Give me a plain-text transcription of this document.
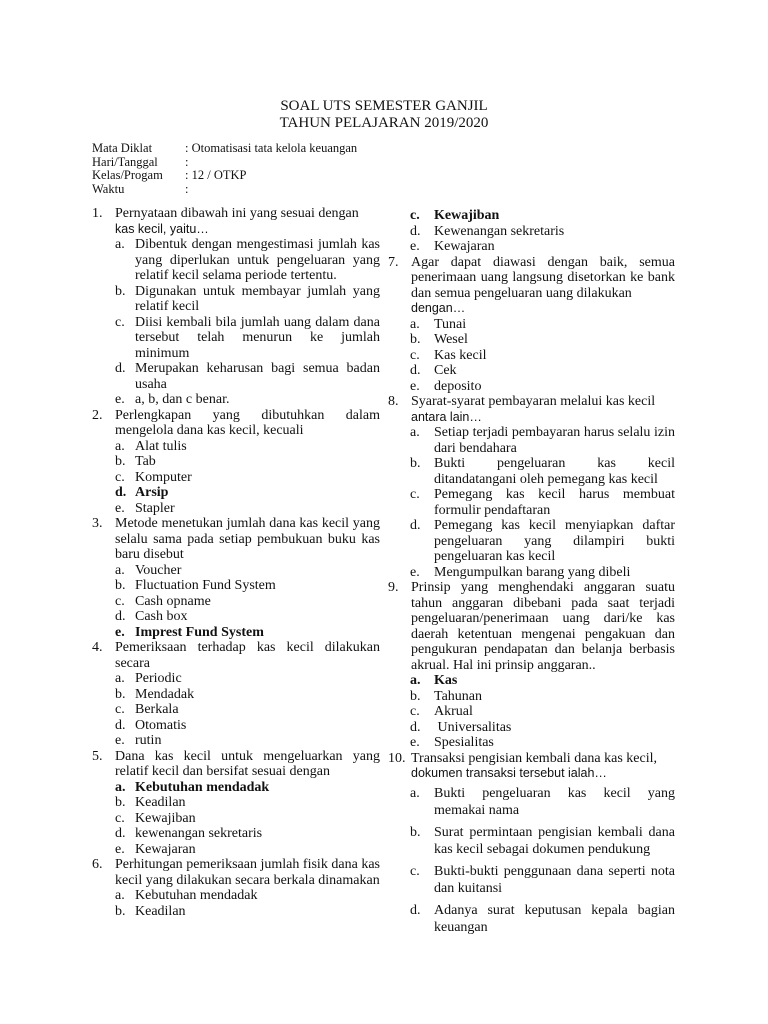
SOAL UTS SEMESTER GANJIL
TAHUN PELAJARAN 2019/2020
Mata Diklat	: Otomatisasi tata kelola keuangan
Hari/Tanggal	:
Kelas/Progam	: 12 / OTKP
Waktu	:
1. Pernyataan dibawah ini yang sesuai dengan
kas kecil, yaitu…
a. Dibentuk dengan mengestimasi jumlah kas yang diperlukan untuk pengeluaran yang relatif kecil selama periode tertentu.
b. Digunakan untuk membayar jumlah yang relatif kecil
c. Diisi kembali bila jumlah uang dalam dana tersebut telah menurun ke jumlah minimum
d. Merupakan keharusan bagi semua badan usaha
e. a, b, dan c benar.
2. Perlengkapan yang dibutuhkan dalam mengelola dana kas kecil, kecuali
a. Alat tulis
b. Tab
c. Komputer
d. Arsip
e. Stapler
3. Metode menetukan jumlah dana kas kecil yang selalu sama pada setiap pembukuan buku kas baru disebut
a. Voucher
b. Fluctuation Fund System
c. Cash opname
d. Cash box
e. Imprest Fund System
4. Pemeriksaan terhadap kas kecil dilakukan secara
a. Periodic
b. Mendadak
c. Berkala
d. Otomatis
e. rutin
5. Dana kas kecil untuk mengeluarkan yang relatif kecil dan bersifat sesuai dengan
a. Kebutuhan mendadak
b. Keadilan
c. Kewajiban
d. kewenangan sekretaris
e. Kewajaran
6. Perhitungan pemeriksaan jumlah fisik dana kas kecil yang dilakukan secara berkala dinamakan
a. Kebutuhan mendadak
b. Keadilan
c. Kewajiban
d. Kewenangan sekretaris
e. Kewajaran
7. Agar dapat diawasi dengan baik, semua penerimaan uang langsung disetorkan ke bank dan semua pengeluaran uang dilakukan
dengan…
a. Tunai
b. Wesel
c. Kas kecil
d. Cek
e. deposito
8. Syarat-syarat pembayaran melalui kas kecil
antara lain…
a. Setiap terjadi pembayaran harus selalu izin dari bendahara
b. Bukti pengeluaran kas kecil ditandatangani oleh pemegang kas kecil
c. Pemegang kas kecil harus membuat formulir pendaftaran
d. Pemegang kas kecil menyiapkan daftar pengeluaran yang dilampiri bukti pengeluaran kas kecil
e. Mengumpulkan barang yang dibeli
9. Prinsip yang menghendaki anggaran suatu tahun anggaran dibebani pada saat terjadi pengeluaran/penerimaan uang dari/ke kas daerah ketentuan mengenai pengakuan dan pengukuran pendapatan dan belanja berbasis akrual. Hal ini prinsip anggaran..
a. Kas
b. Tahunan
c. Akrual
d. Universalitas
e. Spesialitas
10. Transaksi pengisian kembali dana kas kecil,
dokumen transaksi tersebut ialah…
a. Bukti pengeluaran kas kecil yang memakai nama
b. Surat permintaan pengisian kembali dana kas kecil sebagai dokumen pendukung
c. Bukti-bukti penggunaan dana seperti nota dan kuitansi
d. Adanya surat keputusan kepala bagian keuangan
